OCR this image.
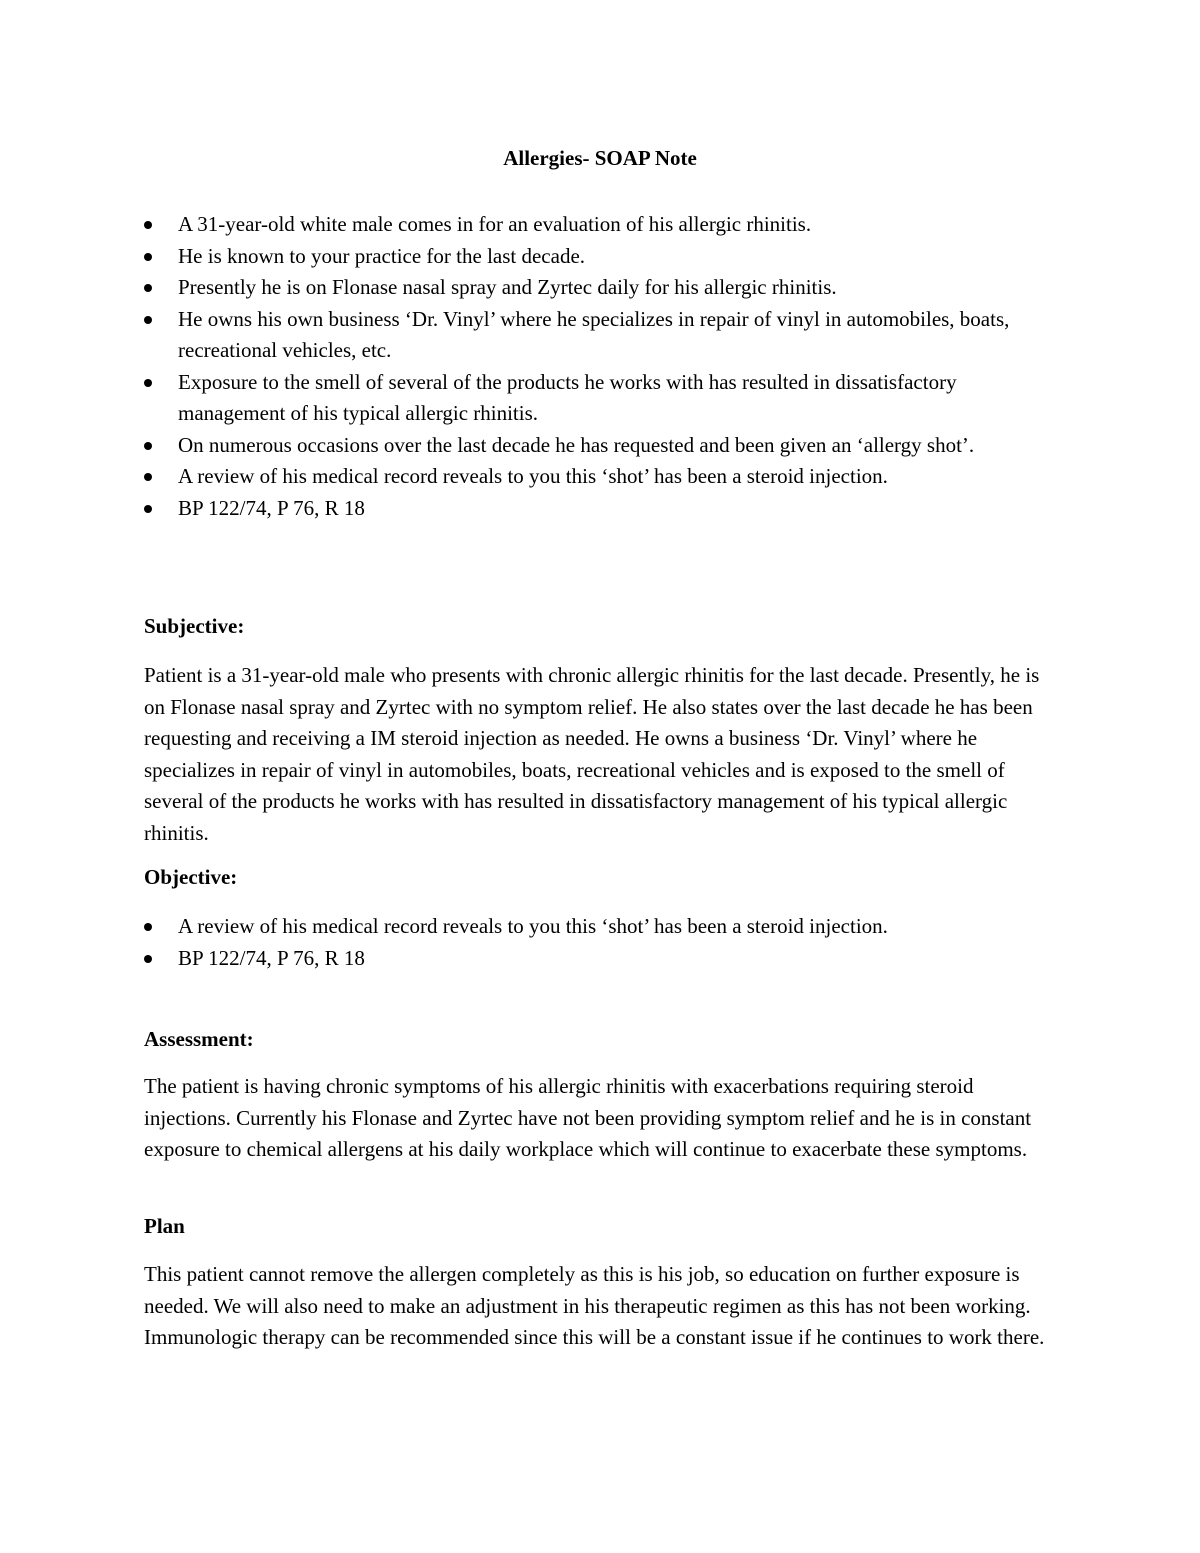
Allergies- SOAP Note
A 31-year-old white male comes in for an evaluation of his allergic rhinitis.
He is known to your practice for the last decade.
Presently he is on Flonase nasal spray and Zyrtec daily for his allergic rhinitis.
He owns his own business ‘Dr. Vinyl’ where he specializes in repair of vinyl in automobiles, boats, recreational vehicles, etc.
Exposure to the smell of several of the products he works with has resulted in dissatisfactory management of his typical allergic rhinitis.
On numerous occasions over the last decade he has requested and been given an ‘allergy shot’.
A review of his medical record reveals to you this ‘shot’ has been a steroid injection.
BP 122/74, P 76, R 18
Subjective:

Patient is a 31-year-old male who presents with chronic allergic rhinitis for the last decade. Presently, he is on Flonase nasal spray and Zyrtec with no symptom relief. He also states over the last decade he has been requesting and receiving a IM steroid injection as needed. He owns a business ‘Dr. Vinyl’ where he specializes in repair of vinyl in automobiles, boats, recreational vehicles and is exposed to the smell of several of the products he works with has resulted in dissatisfactory management of his typical allergic rhinitis.

Objective:
A review of his medical record reveals to you this ‘shot’ has been a steroid injection.
BP 122/74, P 76, R 18
Assessment:

The patient is having chronic symptoms of his allergic rhinitis with exacerbations requiring steroid injections. Currently his Flonase and Zyrtec have not been providing symptom relief and he is in constant exposure to chemical allergens at his daily workplace which will continue to exacerbate these symptoms.

Plan

This patient cannot remove the allergen completely as this is his job, so education on further exposure is needed. We will also need to make an adjustment in his therapeutic regimen as this has not been working. Immunologic therapy can be recommended since this will be a constant issue if he continues to work there.
